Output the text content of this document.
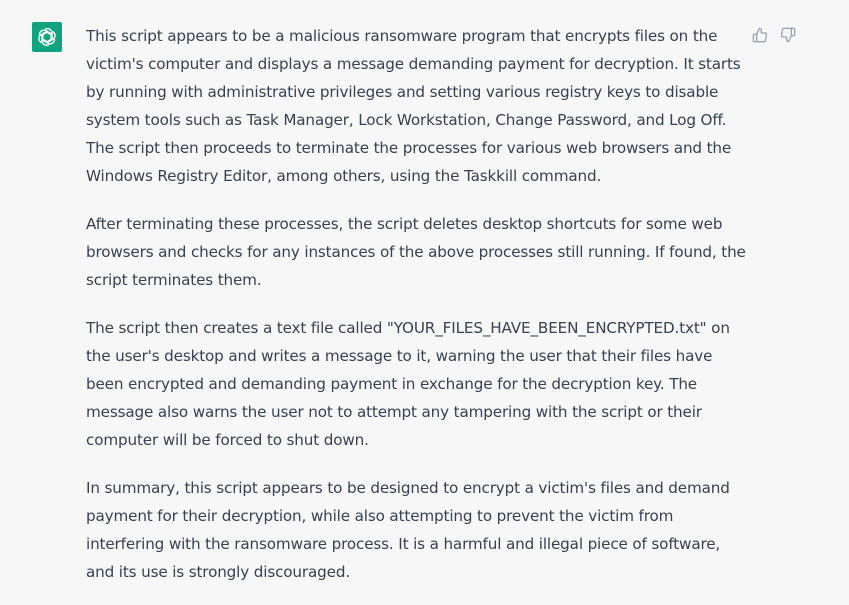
This script appears to be a malicious ransomware program that encrypts files on the victim's computer and displays a message demanding payment for decryption. It starts by running with administrative privileges and setting various registry keys to disable system tools such as Task Manager, Lock Workstation, Change Password, and Log Off. The script then proceeds to terminate the processes for various web browsers and the Windows Registry Editor, among others, using the Taskkill command.

After terminating these processes, the script deletes desktop shortcuts for some web browsers and checks for any instances of the above processes still running. If found, the script terminates them.

The script then creates a text file called "YOUR_FILES_HAVE_BEEN_ENCRYPTED.txt" on the user's desktop and writes a message to it, warning the user that their files have been encrypted and demanding payment in exchange for the decryption key. The message also warns the user not to attempt any tampering with the script or their computer will be forced to shut down.

In summary, this script appears to be designed to encrypt a victim's files and demand payment for their decryption, while also attempting to prevent the victim from interfering with the ransomware process. It is a harmful and illegal piece of software, and its use is strongly discouraged.
